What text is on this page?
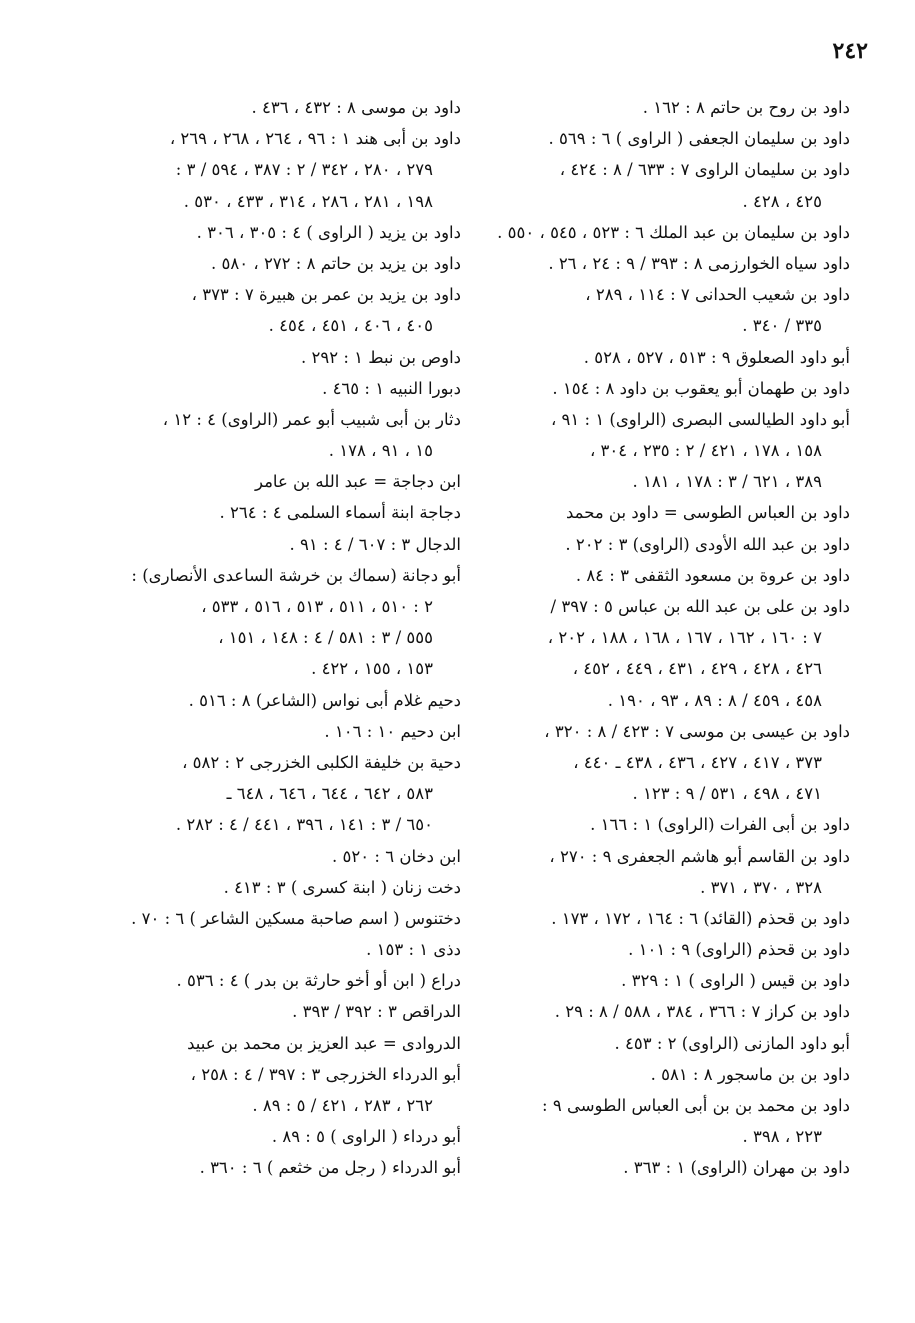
٢٤٢
داود بن روح بن حاتم ٨ : ١٦٢ .
داود بن سليمان الجعفى ( الراوى ) ٦ : ٥٦٩ .
داود بن سليمان الراوى ٧ : ٦٣٣ / ٨ : ٤٢٤ ،
٤٢٥ ، ٤٢٨ .
داود بن سليمان بن عبد الملك ٦ : ٥٢٣ ، ٥٤٥ ، ٥٥٠ .
داود سياه الخوارزمى ٨ : ٣٩٣ / ٩ : ٢٤ ، ٢٦ .
داود بن شعيب الحدانى ٧ : ١١٤ ، ٢٨٩ ،
٣٣٥ / ٣٤٠ .
أبو داود الصعلوق ٩ : ٥١٣ ، ٥٢٧ ، ٥٢٨ .
داود بن طهمان أبو يعقوب بن داود ٨ : ١٥٤ .
أبو داود الطيالسى البصرى (الراوى) ١ : ٩١ ،
١٥٨ ، ١٧٨ ، ٤٢١ / ٢ : ٢٣٥ ، ٣٠٤ ،
٣٨٩ ، ٦٢١ / ٣ : ١٧٨ ، ١٨١ .
داود بن العباس الطوسى = داود بن محمد
داود بن عبد الله الأودى (الراوى) ٣ : ٢٠٢ .
داود بن عروة بن مسعود الثقفى ٣ : ٨٤ .
داود بن على بن عبد الله بن عباس ٥ : ٣٩٧ /
٧ : ١٦٠ ، ١٦٢ ، ١٦٧ ، ١٦٨ ، ١٨٨ ، ٢٠٢ ،
٤٢٦ ، ٤٢٨ ، ٤٢٩ ، ٤٣١ ، ٤٤٩ ، ٤٥٢ ،
٤٥٨ ، ٤٥٩ / ٨ : ٨٩ ، ٩٣ ، ١٩٠ .
داود بن عيسى بن موسى ٧ : ٤٢٣ / ٨ : ٣٢٠ ،
٣٧٣ ، ٤١٧ ، ٤٢٧ ، ٤٣٦ ، ٤٣٨ ـ ٤٤٠ ،
٤٧١ ، ٤٩٨ ، ٥٣١ / ٩ : ١٢٣ .
داود بن أبى الفرات (الراوى) ١ : ١٦٦ .
داود بن القاسم أبو هاشم الجعفرى ٩ : ٢٧٠ ،
٣٢٨ ، ٣٧٠ ، ٣٧١ .
داود بن قحذم (القائد) ٦ : ١٦٤ ، ١٧٢ ، ١٧٣ .
داود بن قحذم (الراوى) ٩ : ١٠١ .
داود بن قيس ( الراوى ) ١ : ٣٢٩ .
داود بن كراز ٧ : ٣٦٦ ، ٣٨٤ ، ٥٨٨ / ٨ : ٢٩ .
أبو داود المازنى (الراوى) ٢ : ٤٥٣ .
داود بن بن ماسجور ٨ : ٥٨١ .
داود بن محمد بن بن أبى العباس الطوسى ٩ :
٢٢٣ ، ٣٩٨ .
داود بن مهران (الراوى) ١ : ٣٦٣ .
داود بن موسى ٨ : ٤٣٢ ، ٤٣٦ .
داود بن أبى هند ١ : ٩٦ ، ٢٦٤ ، ٢٦٨ ، ٢٦٩ ،
٢٧٩ ، ٢٨٠ ، ٣٤٢ / ٢ : ٣٨٧ ، ٥٩٤ / ٣ :
١٩٨ ، ٢٨١ ، ٢٨٦ ، ٣١٤ ، ٤٣٣ ، ٥٣٠ .
داود بن يزيد ( الراوى ) ٤ : ٣٠٥ ، ٣٠٦ .
داود بن يزيد بن حاتم ٨ : ٢٧٢ ، ٥٨٠ .
داود بن يزيد بن عمر بن هبيرة ٧ : ٣٧٣ ،
٤٠٥ ، ٤٠٦ ، ٤٥١ ، ٤٥٤ .
داوص بن نبط ١ : ٢٩٢ .
دبورا النبيه ١ : ٤٦٥ .
دثار بن أبى شبيب أبو عمر (الراوى) ٤ : ١٢ ،
١٥ ، ٩١ ، ١٧٨ .
ابن دجاجة = عبد الله بن عامر
دجاجة ابنة أسماء السلمى ٤ : ٢٦٤ .
الدجال ٣ : ٦٠٧ / ٤ : ٩١ .
أبو دجانة (سماك بن خرشة الساعدى الأنصارى) :
٢ : ٥١٠ ، ٥١١ ، ٥١٣ ، ٥١٦ ، ٥٣٣ ،
٥٥٥ / ٣ : ٥٨١ / ٤ : ١٤٨ ، ١٥١ ،
١٥٣ ، ١٥٥ ، ٤٢٢ .
دحيم غلام أبى نواس (الشاعر) ٨ : ٥١٦ .
ابن دحيم ١٠ : ١٠٦ .
دحية بن خليفة الكلبى الخزرجى ٢ : ٥٨٢ ،
٥٨٣ ، ٦٤٢ ، ٦٤٤ ، ٦٤٦ ، ٦٤٨ ـ
٦٥٠ / ٣ : ١٤١ ، ٣٩٦ ، ٤٤١ / ٤ : ٢٨٢ .
ابن دخان ٦ : ٥٢٠ .
دخت زنان ( ابنة كسرى ) ٣ : ٤١٣ .
دختنوس ( اسم صاحبة مسكين الشاعر ) ٦ : ٧٠ .
دذى ١ : ١٥٣ .
دراع ( ابن أو أخو حارثة بن بدر ) ٤ : ٥٣٦ .
الدراقص ٣ : ٣٩٢ / ٣٩٣ .
الدروادى = عبد العزيز بن محمد بن عبيد
أبو الدرداء الخزرجى ٣ : ٣٩٧ / ٤ : ٢٥٨ ،
٢٦٢ ، ٢٨٣ ، ٤٢١ / ٥ : ٨٩ .
أبو درداء ( الراوى ) ٥ : ٨٩ .
أبو الدرداء ( رجل من خثعم ) ٦ : ٣٦٠ .
